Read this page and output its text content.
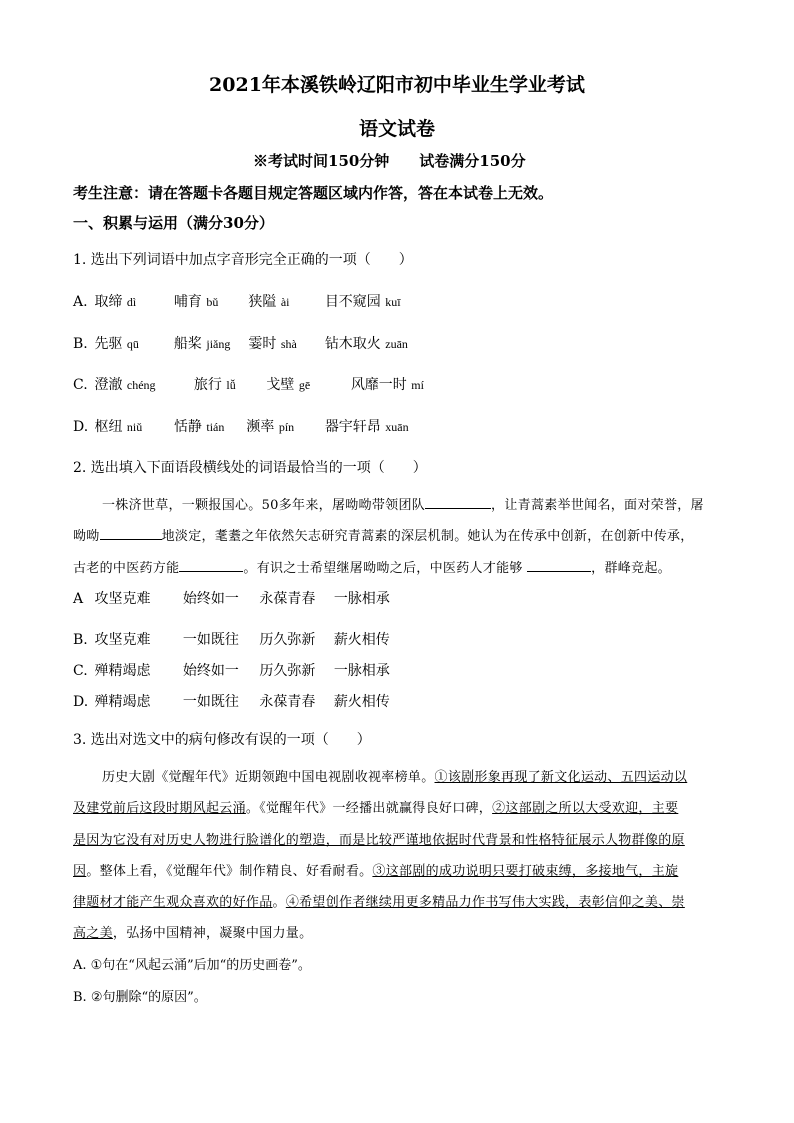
2021年本溪铁岭辽阳市初中毕业生学业考试
语文试卷
※考试时间150分钟　　试卷满分150分
考生注意：请在答题卡各题目规定答题区域内作答，答在本试卷上无效。
一、积累与运用（满分30分）
1. 选出下列词语中加点字音形完全正确的一项（　　）
A. 取缔 dì	哺育 bǔ 狭隘 ài	目不窥园 kuī
B. 先驱 qū	船桨 jiǎng 霎时 shà 钻木取火 zuān
C. 澄澈 chéng	旅行 lǚ 戈壁 gē	风靡一时 mí
D. 枢纽 niǔ 恬静 tián 濒率 pín 器宇轩昂 xuān
2. 选出填入下面语段横线处的词语最恰当的一项（　　）
一株济世草，一颗报国心。50多年来，屠呦呦带领团队	，让青蒿素举世闻名，面对荣誉，屠
呦呦	地淡定，耄耋之年依然矢志研究青蒿素的深层机制。她认为在传承中创新，在创新中传承，
古老的中医药方能	。有识之士希望继屠呦呦之后，中医药人才能够	，群峰竞起。
A 攻坚克难 始终如一 永葆青春 一脉相承
B. 攻坚克难 一如既往 历久弥新 薪火相传
C. 殚精竭虑 始终如一 历久弥新 一脉相承
D. 殚精竭虑 一如既往 永葆青春 薪火相传
3. 选出对选文中的病句修改有误的一项（　　）
历史大剧《觉醒年代》近期领跑中国电视剧收视率榜单。①该剧形象再现了新文化运动、五四运动以
及建党前后这段时期风起云涌。《觉醒年代》一经播出就赢得良好口碑，②这部剧之所以大受欢迎，主要
是因为它没有对历史人物进行脸谱化的塑造，而是比较严谨地依据时代背景和性格特征展示人物群像的原
因。整体上看，《觉醒年代》制作精良、好看耐看。③这部剧的成功说明只要打破束缚，多接地气，主旋
律题材才能产生观众喜欢的好作品。④希望创作者继续用更多精品力作书写伟大实践，表彰信仰之美、崇
高之美，弘扬中国精神，凝聚中国力量。
A. ①句在“风起云涌”后加“的历史画卷”。
B. ②句删除“的原因”。
